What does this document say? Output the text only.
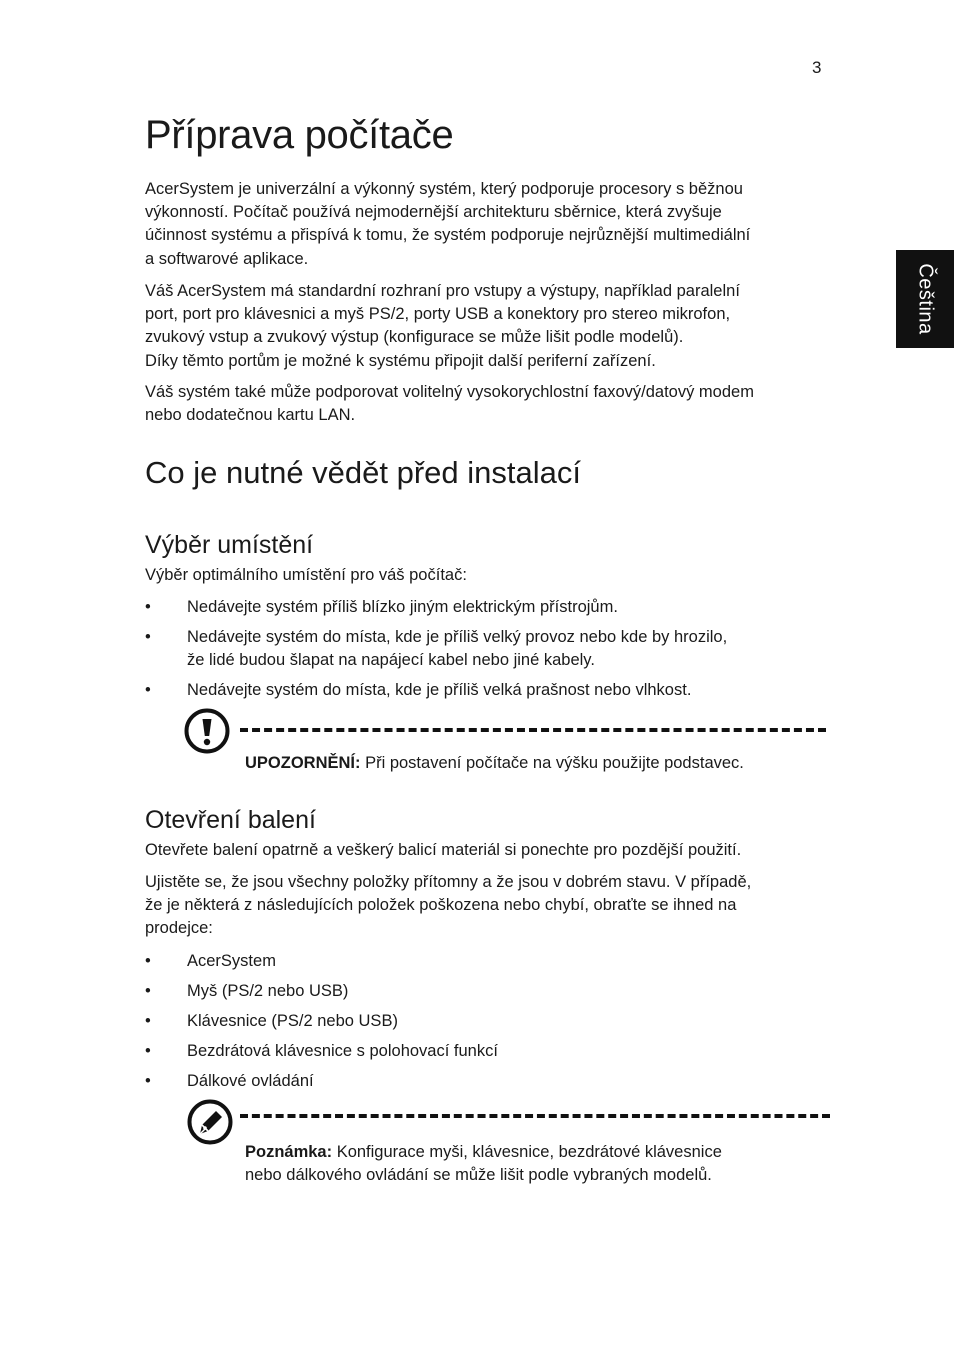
3
Čeština
Příprava počítače

AcerSystem je univerzální a výkonný systém, který podporuje procesory s běžnou
výkonností. Počítač používá nejmodernější architekturu sběrnice, která zvyšuje
účinnost systému a přispívá k tomu, že systém podporuje nejrůznější multimediální
a softwarové aplikace.

Váš AcerSystem má standardní rozhraní pro vstupy a výstupy, například paralelní
port, port pro klávesnici a myš PS/2, porty USB a konektory pro stereo mikrofon,
zvukový vstup a zvukový výstup (konfigurace se může lišit podle modelů).
Díky těmto portům je možné k systému připojit další periferní zařízení.

Váš systém také může podporovat volitelný vysokorychlostní faxový/datový modem
nebo dodatečnou kartu LAN.

Co je nutné vědět před instalací
Výběr umístění

Výběr optimálního umístění pro váš počítač:

• Nedávejte systém příliš blízko jiným elektrickým přístrojům.
• Nedávejte systém do místa, kde je příliš velký provoz nebo kde by hrozilo,
že lidé budou šlapat na napájecí kabel nebo jiné kabely.
• Nedávejte systém do místa, kde je příliš velká prašnost nebo vlhkost.
UPOZORNĚNÍ: Při postavení počítače na výšku použijte podstavec.
Otevření balení

Otevřete balení opatrně a veškerý balicí materiál si ponechte pro pozdější použití.

Ujistěte se, že jsou všechny položky přítomny a že jsou v dobrém stavu. V případě,
že je některá z následujících položek poškozena nebo chybí, obraťte se ihned na
prodejce:

• AcerSystem
• Myš (PS/2 nebo USB)
• Klávesnice (PS/2 nebo USB)
• Bezdrátová klávesnice s polohovací funkcí
• Dálkové ovládání
Poznámka: Konfigurace myši, klávesnice, bezdrátové klávesnice
nebo dálkového ovládání se může lišit podle vybraných modelů.
